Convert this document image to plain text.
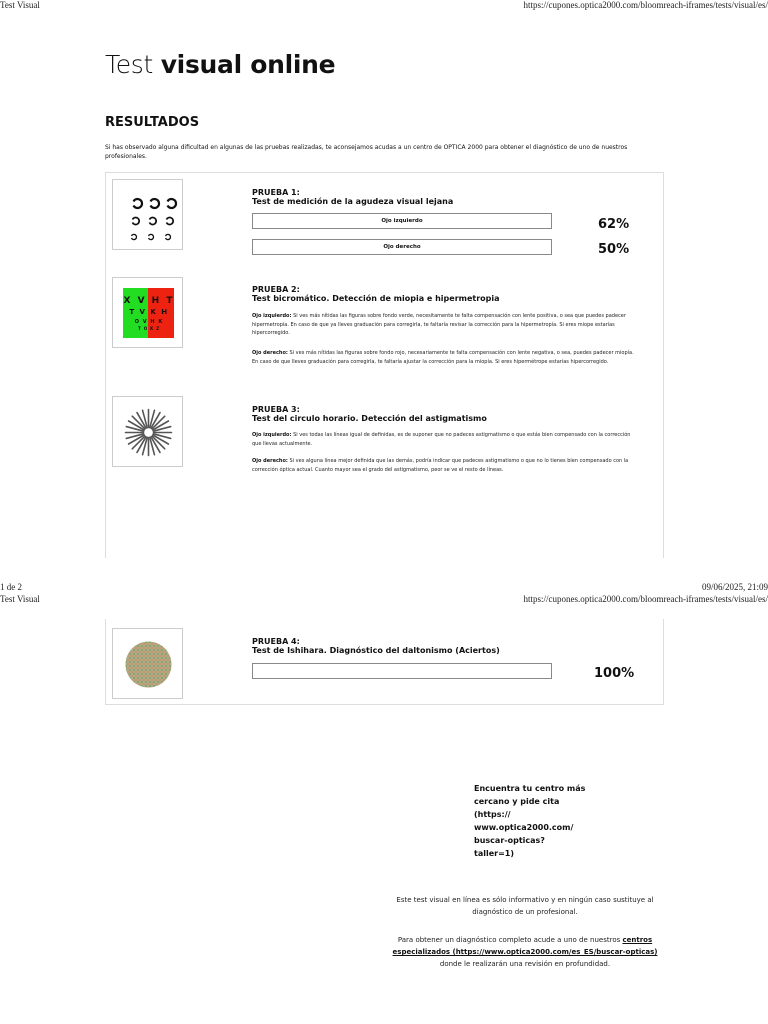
Test Visual	https://cupones.optica2000.com/bloomreach-iframes/tests/visual/es/
Test visual online
RESULTADOS
Si has observado alguna dificultad en algunas de las pruebas realizadas, te aconsejamos acudas a un centro de OPTICA 2000 para obtener el diagnóstico de uno de nuestros profesionales.
PRUEBA 1:
Test de medición de la agudeza visual lejana
Ojo izquierdo	62%
Ojo derecho	50%
X V H T
T V K H
O V H K
T O K Z
PRUEBA 2:
Test bicromático. Detección de miopia e hipermetropia
Ojo izquierdo: Si ves más nítidas las figuras sobre fondo verde, necesitamente te falta compensación con lente positiva, o sea que puedes padecer hipermetropía. En caso de que ya lleves graduación para corregirla, te faltaría revisar la corrección para la hipermetropía. Si eres miope estarías hipercorregido.
Ojo derecho: Si ves más nítidas las figuras sobre fondo rojo, necesariamente te falta compensación con lente negativa, o sea, puedes padecer miopía. En caso de que lleves graduación para corregirla, te faltaría ajustar la corrección para la miopía. Si eres hipermétrope estarías hipercorregido.
PRUEBA 3:
Test del circulo horario. Detección del astigmatismo
Ojo izquierdo: Si ves todas las líneas igual de definidas, es de suponer que no padeces astigmatismo o que estás bien compensado con la corrección que llevas actualmente.
Ojo derecho: Si ves alguna línea mejor definida que las demás, podría indicar que padeces astigmatismo o que no lo tienes bien compensado con la corrección óptica actual. Cuanto mayor sea el grado del astigmatismo, peor se ve el resto de líneas.
1 de 2	09/06/2025, 21:09
Test Visual	https://cupones.optica2000.com/bloomreach-iframes/tests/visual/es/
PRUEBA 4:
Test de Ishihara. Diagnóstico del daltonismo (Aciertos)
100%
Encuentra tu centro más
cercano y pide cita
(https://
www.optica2000.com/
buscar-opticas?
taller=1)
Este test visual en línea es sólo informativo y en ningún caso sustituye al diagnóstico de un profesional.
Para obtener un diagnóstico completo acude a uno de nuestros centros especializados (https://www.optica2000.com/es_ES/buscar-opticas) donde le realizarán una revisión en profundidad.
